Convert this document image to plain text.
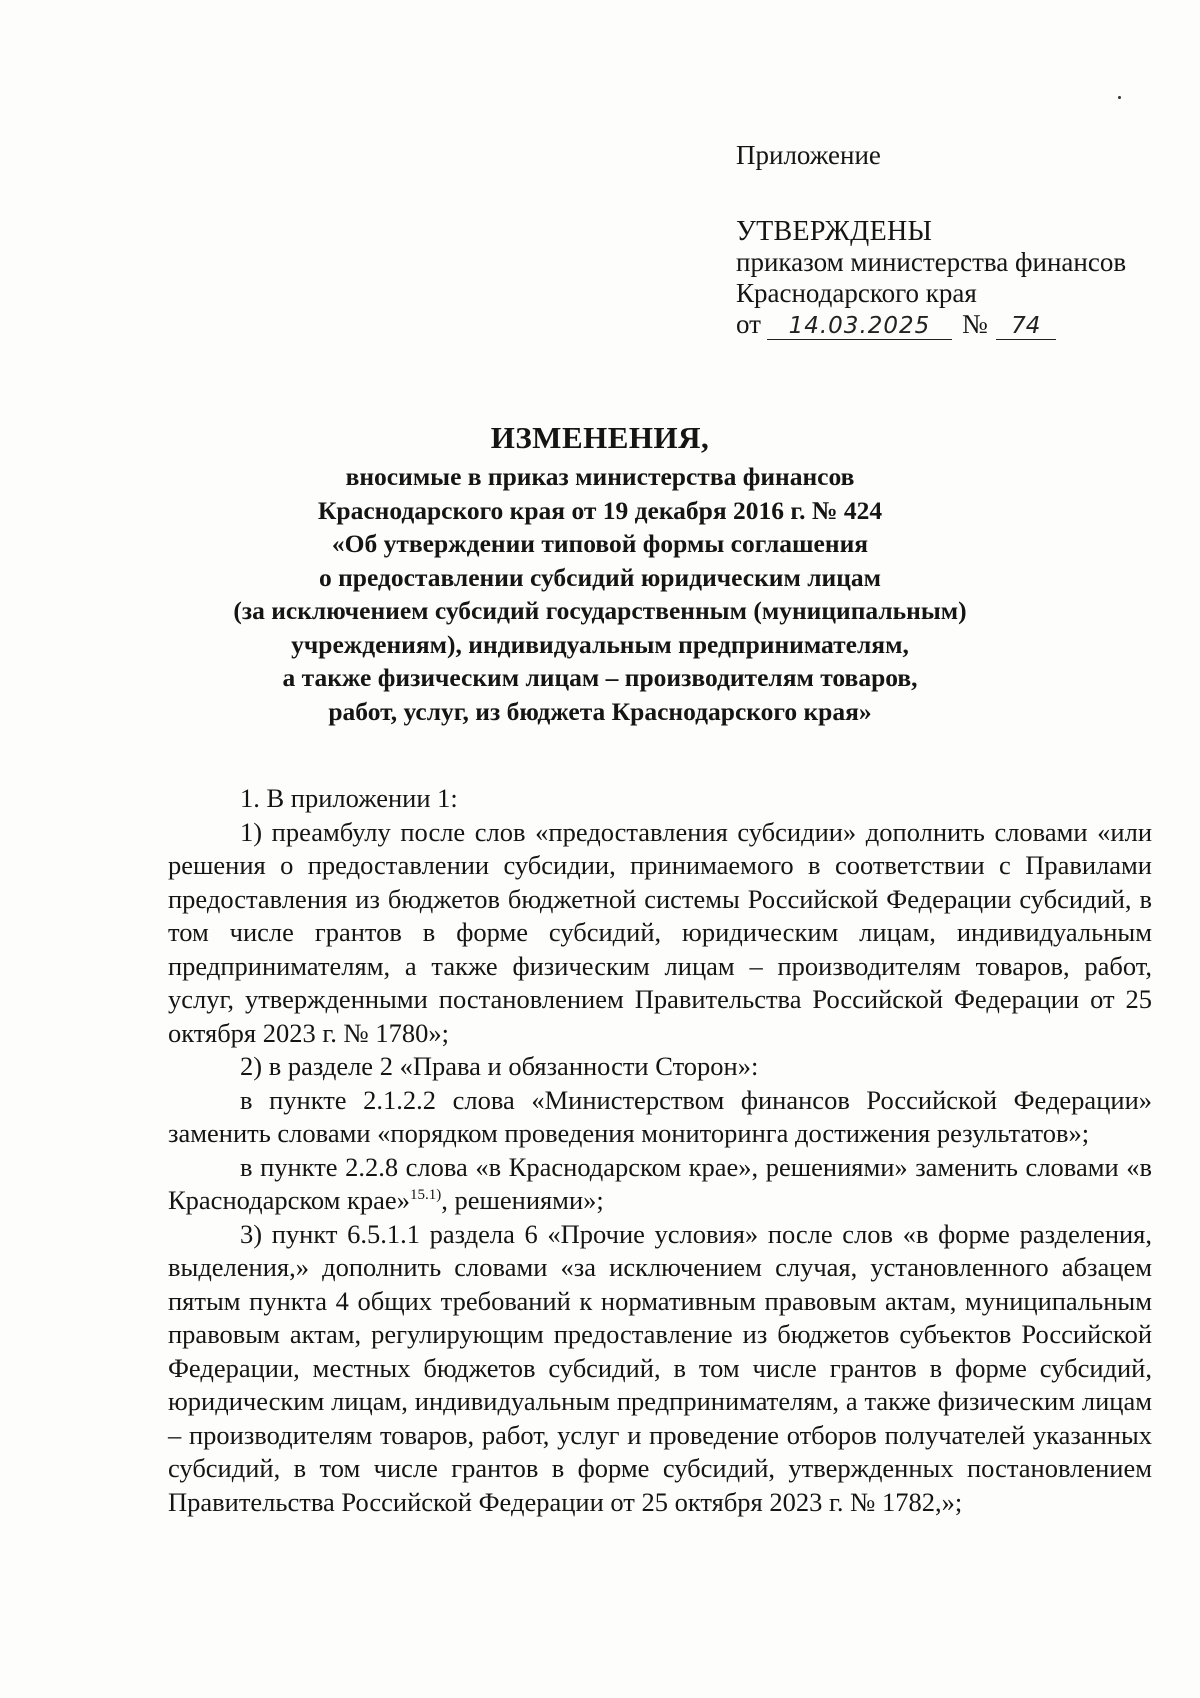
Приложение
УТВЕРЖДЕНЫ
приказом министерства финансов
Краснодарского края
от 14.03.2025 № 74
ИЗМЕНЕНИЯ,
вносимые в приказ министерства финансов
Краснодарского края от 19 декабря 2016 г. № 424
«Об утверждении типовой формы соглашения
о предоставлении субсидий юридическим лицам
(за исключением субсидий государственным (муниципальным)
учреждениям), индивидуальным предпринимателям,
а также физическим лицам – производителям товаров,
работ, услуг, из бюджета Краснодарского края»

1. В приложении 1:

1) преамбулу после слов «предоставления субсидии» дополнить словами «или решения о предоставлении субсидии, принимаемого в соответствии с Правилами предоставления из бюджетов бюджетной системы Российской Федерации субсидий, в том числе грантов в форме субсидий, юридическим лицам, индивидуальным предпринимателям, а также физическим лицам – производителям товаров, работ, услуг, утвержденными постановлением Правительства Российской Федерации от 25 октября 2023 г. № 1780»;

2) в разделе 2 «Права и обязанности Сторон»:

в пункте 2.1.2.2 слова «Министерством финансов Российской Федерации» заменить словами «порядком проведения мониторинга достижения результатов»;

в пункте 2.2.8 слова «в Краснодарском крае», решениями» заменить словами «в Краснодарском крае»$^{15.1)}$, решениями»;

3) пункт 6.5.1.1 раздела 6 «Прочие условия» после слов «в форме разделения, выделения,» дополнить словами «за исключением случая, установленного абзацем пятым пункта 4 общих требований к нормативным правовым актам, муниципальным правовым актам, регулирующим предоставление из бюджетов субъектов Российской Федерации, местных бюджетов субсидий, в том числе грантов в форме субсидий, юридическим лицам, индивидуальным предпринимателям, а также физическим лицам – производителям товаров, работ, услуг и проведение отборов получателей указанных субсидий, в том числе грантов в форме субсидий, утвержденных постановлением Правительства Российской Федерации от 25 октября 2023 г. № 1782,»;
